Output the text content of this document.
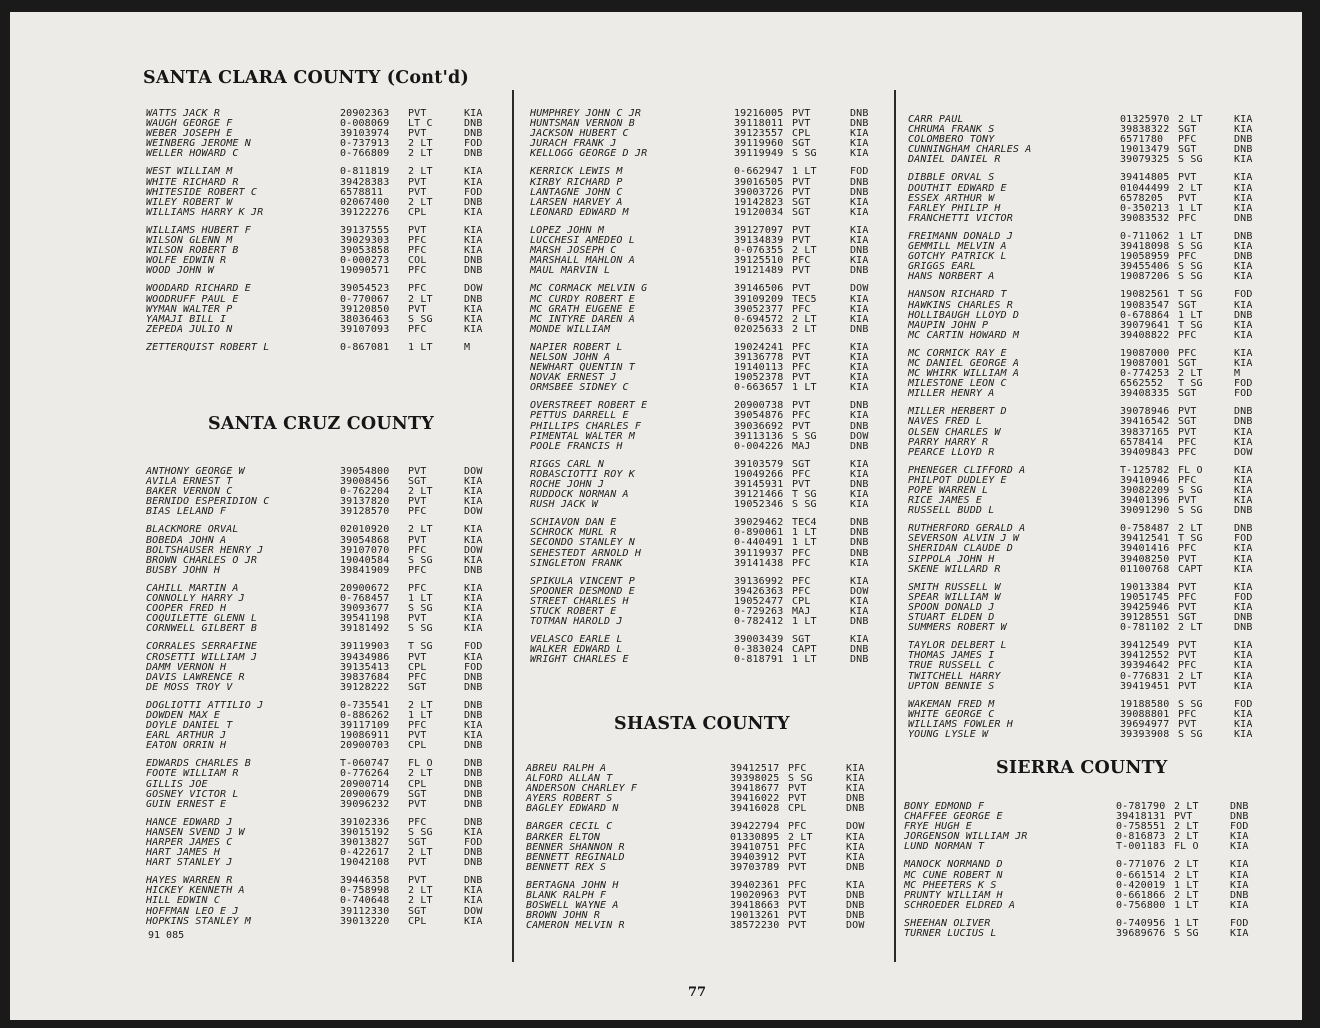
SANTA CLARA COUNTY (Cont'd)
WATTS JACK R	20902363 PVT	KIA
WAUGH GEORGE F	0-008069 LT C	DNB
WEBER JOSEPH E	39103974 PVT	DNB
WEINBERG JEROME N	0-737913 2 LT	FOD
WELLER HOWARD C	0-766809 2 LT	DNB
WEST WILLIAM M	0-811819 2 LT	KIA
WHITE RICHARD R	39428383 PVT	KIA
WHITESIDE ROBERT C	6578811 PVT	FOD
WILEY ROBERT W	02067400 2 LT	DNB
WILLIAMS HARRY K JR	39122276 CPL	KIA
WILLIAMS HUBERT F	39137555 PVT	KIA
WILSON GLENN M	39029303 PFC	KIA
WILSON ROBERT B	39053858 PFC	KIA
WOLFE EDWIN R	0-000273 COL	DNB
WOOD JOHN W	19090571 PFC	DNB
WOODARD RICHARD E	39054523 PFC	DOW
WOODRUFF PAUL E	0-770067 2 LT	DNB
WYMAN WALTER P	39120850 PVT	KIA
YAMAJI BILL I	38036463 S SG	KIA
ZEPEDA JULIO N	39107093 PFC	KIA
ZETTERQUIST ROBERT L	0-867081 1 LT	M
SANTA CRUZ COUNTY
ANTHONY GEORGE W	39054800 PVT	DOW
AVILA ERNEST T	39008456 SGT	KIA
BAKER VERNON C	0-762204 2 LT	KIA
BERNIDO ESPERIDION C	39137820 PVT	KIA
BIAS LELAND F	39128570 PFC	DOW
BLACKMORE ORVAL	02010920 2 LT	KIA
BOBEDA JOHN A	39054868 PVT	KIA
BOLTSHAUSER HENRY J	39107070 PFC	DOW
BROWN CHARLES O JR	19040584 S SG	KIA
BUSBY JOHN H	39841909 PFC	DNB
CAHILL MARTIN A	20900672 PFC	KIA
CONNOLLY HARRY J	0-768457 1 LT	KIA
COOPER FRED H	39093677 S SG	KIA
COQUILETTE GLENN L	39541198 PVT	KIA
CORNWELL GILBERT B	39181492 S SG	KIA
CORRALES SERRAFINE	39119903 T SG	FOD
CROSETTI WILLIAM J	39434986 PVT	KIA
DAMM VERNON H	39135413 CPL	FOD
DAVIS LAWRENCE R	39837684 PFC	DNB
DE MOSS TROY V	39128222 SGT	DNB
DOGLIOTTI ATTILIO J	0-735541 2 LT	DNB
DOWDEN MAX E	0-886262 1 LT	DNB
DOYLE DANIEL T	39117109 PFC	KIA
EARL ARTHUR J	19086911 PVT	KIA
EATON ORRIN H	20900703 CPL	DNB
EDWARDS CHARLES B	T-060747 FL O	DNB
FOOTE WILLIAM R	0-776264 2 LT	DNB
GILLIS JOE	20900714 CPL	DNB
GOSNEY VICTOR L	20900679 SGT	DNB
GUIN ERNEST E	39096232 PVT	DNB
HANCE EDWARD J	39102336 PFC	DNB
HANSEN SVEND J W	39015192 S SG	KIA
HARPER JAMES C	39013827 SGT	FOD
HART JAMES H	0-422617 2 LT	DNB
HART STANLEY J	19042108 PVT	DNB
HAYES WARREN R	39446358 PVT	DNB
HICKEY KENNETH A	0-758998 2 LT	KIA
HILL EDWIN C	0-740648 2 LT	KIA
HOFFMAN LEO E J	39112330 SGT	DOW
HOPKINS STANLEY M	39013220 CPL	KIA
HUMPHREY JOHN C JR	19216005 PVT	DNB
HUNTSMAN VERNON B	39118011 PVT	DNB
JACKSON HUBERT C	39123557 CPL	KIA
JURACH FRANK J	39119960 SGT	KIA
KELLOGG GEORGE D JR	39119949 S SG	KIA
KERRICK LEWIS M	0-662947 1 LT	FOD
KIRBY RICHARD P	39016505 PVT	DNB
LANTAGNE JOHN C	39003726 PVT	DNB
LARSEN HARVEY A	19142823 SGT	KIA
LEONARD EDWARD M	19120034 SGT	KIA
LOPEZ JOHN M	39127097 PVT	KIA
LUCCHESI AMEDEO L	39134839 PVT	KIA
MARSH JOSEPH C	0-076355 2 LT	DNB
MARSHALL MAHLON A	39125510 PFC	KIA
MAUL MARVIN L	19121489 PVT	DNB
MC CORMACK MELVIN G	39146506 PVT	DOW
MC CURDY ROBERT E	39109209 TEC5	KIA
MC GRATH EUGENE E	39052377 PFC	KIA
MC INTYRE DAREN A	0-694572 2 LT	KIA
MONDE WILLIAM	02025633 2 LT	DNB
NAPIER ROBERT L	19024241 PFC	KIA
NELSON JOHN A	39136778 PVT	KIA
NEWHART QUENTIN T	19140113 PFC	KIA
NOVAK ERNEST J	19052378 PVT	KIA
ORMSBEE SIDNEY C	0-663657 1 LT	KIA
OVERSTREET ROBERT E	20900738 PVT	DNB
PETTUS DARRELL E	39054876 PFC	KIA
PHILLIPS CHARLES F	39036692 PVT	DNB
PIMENTAL WALTER M	39113136 S SG	DOW
POOLE FRANCIS H	0-004226 MAJ	DNB
RIGGS CARL N	39103579 SGT	KIA
ROBASCIOTTI ROY K	19049266 PFC	KIA
ROCHE JOHN J	39145931 PVT	DNB
RUDDOCK NORMAN A	39121466 T SG	KIA
RUSH JACK W	19052346 S SG	KIA
SCHIAVON DAN E	39029462 TEC4	DNB
SCHROCK MURL R	0-890061 1 LT	DNB
SECONDO STANLEY N	0-440491 1 LT	DNB
SEHESTEDT ARNOLD H	39119937 PFC	DNB
SINGLETON FRANK	39141438 PFC	KIA
SPIKULA VINCENT P	39136992 PFC	KIA
SPOONER DESMOND E	39426363 PFC	DOW
STREET CHARLES H	19052477 CPL	KIA
STUCK ROBERT E	0-729263 MAJ	KIA
TOTMAN HAROLD J	0-782412 1 LT	DNB
VELASCO EARLE L	39003439 SGT	KIA
WALKER EDWARD L	0-383024 CAPT	DNB
WRIGHT CHARLES E	0-818791 1 LT	DNB
SHASTA COUNTY
ABREU RALPH A	39412517 PFC	KIA
ALFORD ALLAN T	39398025 S SG	KIA
ANDERSON CHARLEY F	39418677 PVT	KIA
AYERS ROBERT S	39416022 PVT	DNB
BAGLEY EDWARD N	39416028 CPL	DNB
BARGER CECIL C	39422794 PFC	DOW
BARKER ELTON	01330895 2 LT	KIA
BENNER SHANNON R	39410751 PFC	KIA
BENNETT REGINALD	39403912 PVT	KIA
BENNETT REX S	39703789 PVT	DNB
BERTAGNA JOHN H	39402361 PFC	KIA
BLANK RALPH F	19020963 PVT	DNB
BOSWELL WAYNE A	39418663 PVT	DNB
BROWN JOHN R	19013261 PVT	DNB
CAMERON MELVIN R	38572230 PVT	DOW
CARR PAUL	01325970 2 LT	KIA
CHRUMA FRANK S	39838322 SGT	KIA
COLOMBERO TONY	6571780 PFC	DNB
CUNNINGHAM CHARLES A	19013479 SGT	DNB
DANIEL DANIEL R	39079325 S SG	KIA
DIBBLE ORVAL S	39414805 PVT	KIA
DOUTHIT EDWARD E	01044499 2 LT	KIA
ESSEX ARTHUR W	6578205 PVT	KIA
FARLEY PHILIP H	0-350213 1 LT	KIA
FRANCHETTI VICTOR	39083532 PFC	DNB
FREIMANN DONALD J	0-711062 1 LT	DNB
GEMMILL MELVIN A	39418098 S SG	KIA
GOTCHY PATRICK L	19058959 PFC	DNB
GRIGGS EARL	39455406 S SG	KIA
HANS NORBERT A	19087206 S SG	KIA
HANSON RICHARD T	19082561 T SG	FOD
HAWKINS CHARLES R	19083547 SGT	KIA
HOLLIBAUGH LLOYD D	0-678864 1 LT	DNB
MAUPIN JOHN P	39079641 T SG	KIA
MC CARTIN HOWARD M	39408822 PFC	KIA
MC CORMICK RAY E	19087000 PFC	KIA
MC DANIEL GEORGE A	19087001 SGT	KIA
MC WHIRK WILLIAM A	0-774253 2 LT	M
MILESTONE LEON C	6562552 T SG	FOD
MILLER HENRY A	39408335 SGT	FOD
MILLER HERBERT D	39078946 PVT	DNB
NAVES FRED L	39416542 SGT	DNB
OLSEN CHARLES W	39837165 PVT	KIA
PARRY HARRY R	6578414 PFC	KIA
PEARCE LLOYD R	39409843 PFC	DOW
PHENEGER CLIFFORD A	T-125782 FL O	KIA
PHILPOT DUDLEY E	39410946 PFC	KIA
POPE WARREN L	39082209 S SG	KIA
RICE JAMES E	39401396 PVT	KIA
RUSSELL BUDD L	39091290 S SG	DNB
RUTHERFORD GERALD A	0-758487 2 LT	DNB
SEVERSON ALVIN J W	39412541 T SG	FOD
SHERIDAN CLAUDE D	39401416 PFC	KIA
SIPPOLA JOHN H	39408250 PVT	KIA
SKENE WILLARD R	01100768 CAPT	KIA
SMITH RUSSELL W	19013384 PVT	KIA
SPEAR WILLIAM W	19051745 PFC	FOD
SPOON DONALD J	39425946 PVT	KIA
STUART ELDEN D	39128551 SGT	DNB
SUMMERS ROBERT W	0-781102 2 LT	DNB
TAYLOR DELBERT L	39412549 PVT	KIA
THOMAS JAMES I	39412552 PVT	KIA
TRUE RUSSELL C	39394642 PFC	KIA
TWITCHELL HARRY	0-776831 2 LT	KIA
UPTON BENNIE S	39419451 PVT	KIA
WAKEMAN FRED M	19188580 S SG	FOD
WHITE GEORGE C	39088801 PFC	KIA
WILLIAMS FOWLER H	39694977 PVT	KIA
YOUNG LYSLE W	39393908 S SG	KIA
SIERRA COUNTY
BONY EDMOND F	0-781790 2 LT	DNB
CHAFFEE GEORGE E	39418131 PVT	DNB
FRYE HUGH E	0-758551 2 LT	FOD
JORGENSON WILLIAM JR	0-816873 2 LT	KIA
LUND NORMAN T	T-001183 FL O	KIA
MANOCK NORMAND D	0-771076 2 LT	KIA
MC CUNE ROBERT N	0-661514 2 LT	KIA
MC PHEETERS K S	0-420019 1 LT	KIA
PRUNTY WILLIAM H	0-661866 2 LT	DNB
SCHROEDER ELDRED A	0-756800 1 LT	KIA
SHEEHAN OLIVER	0-740956 1 LT	FOD
TURNER LUCIUS L	39689676 S SG	KIA
91 085
77
